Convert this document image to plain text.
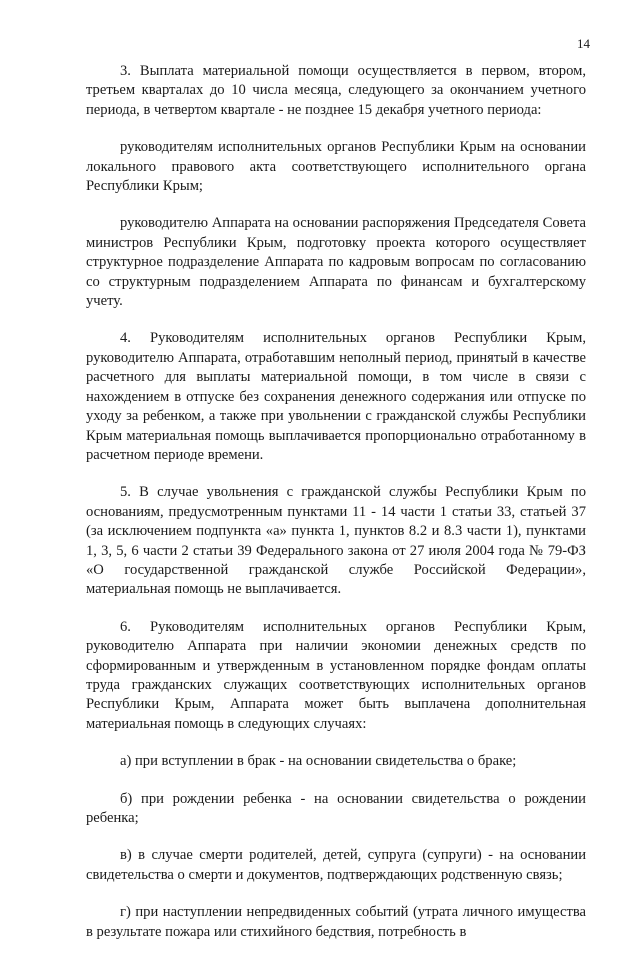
14

3. Выплата материальной помощи осуществляется в первом, втором, третьем кварталах до 10 числа месяца, следующего за окончанием учетного периода, в четвертом квартале - не позднее 15 декабря учетного периода:

руководителям исполнительных органов Республики Крым на основании локального правового акта соответствующего исполнительного органа Республики Крым;

руководителю Аппарата на основании распоряжения Председателя Совета министров Республики Крым, подготовку проекта которого осуществляет структурное подразделение Аппарата по кадровым вопросам по согласованию со структурным подразделением Аппарата по финансам и бухгалтерскому учету.

4. Руководителям исполнительных органов Республики Крым, руководителю Аппарата, отработавшим неполный период, принятый в качестве расчетного для выплаты материальной помощи, в том числе в связи с нахождением в отпуске без сохранения денежного содержания или отпуске по уходу за ребенком, а также при увольнении с гражданской службы Республики Крым материальная помощь выплачивается пропорционально отработанному в расчетном периоде времени.

5. В случае увольнения с гражданской службы Республики Крым по основаниям, предусмотренным пунктами 11 - 14 части 1 статьи 33, статьей 37 (за исключением подпункта «а» пункта 1, пунктов 8.2 и 8.3 части 1), пунктами 1, 3, 5, 6 части 2 статьи 39 Федерального закона от 27 июля 2004 года № 79-ФЗ «О государственной гражданской службе Российской Федерации», материальная помощь не выплачивается.

6. Руководителям исполнительных органов Республики Крым, руководителю Аппарата при наличии экономии денежных средств по сформированным и утвержденным в установленном порядке фондам оплаты труда гражданских служащих соответствующих исполнительных органов Республики Крым, Аппарата может быть выплачена дополнительная материальная помощь в следующих случаях:

а) при вступлении в брак - на основании свидетельства о браке;

б) при рождении ребенка - на основании свидетельства о рождении ребенка;

в) в случае смерти родителей, детей, супруга (супруги) - на основании свидетельства о смерти и документов, подтверждающих родственную связь;

г) при наступлении непредвиденных событий (утрата личного имущества в результате пожара или стихийного бедствия, потребность в
